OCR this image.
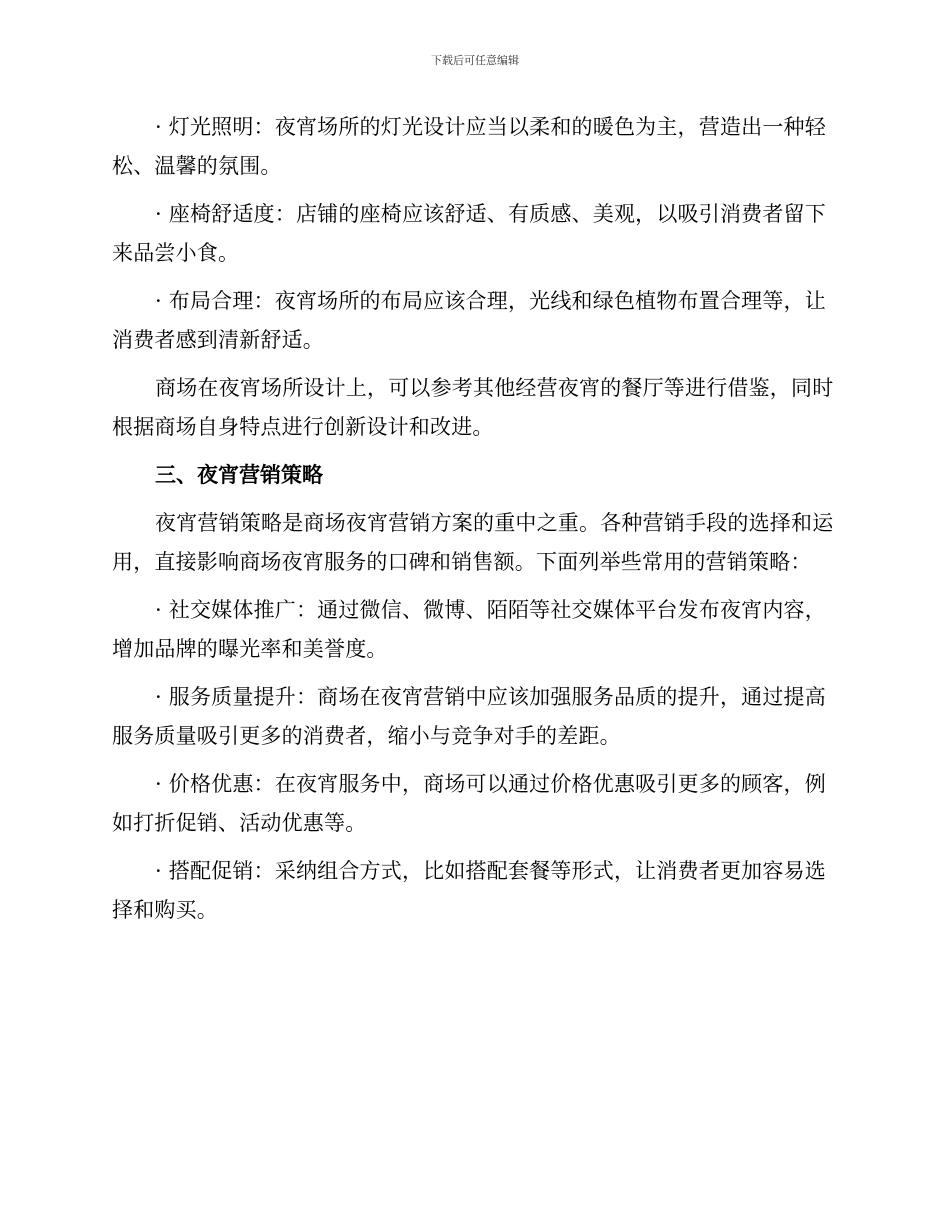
下载后可任意编辑

· 灯光照明：夜宵场所的灯光设计应当以柔和的暖色为主，营造出一种轻松、温馨的氛围。

· 座椅舒适度：店铺的座椅应该舒适、有质感、美观，以吸引消费者留下来品尝小食。

· 布局合理：夜宵场所的布局应该合理，光线和绿色植物布置合理等，让消费者感到清新舒适。

商场在夜宵场所设计上，可以参考其他经营夜宵的餐厅等进行借鉴，同时根据商场自身特点进行创新设计和改进。

三、夜宵营销策略

夜宵营销策略是商场夜宵营销方案的重中之重。各种营销手段的选择和运用，直接影响商场夜宵服务的口碑和销售额。下面列举些常用的营销策略：

· 社交媒体推广：通过微信、微博、陌陌等社交媒体平台发布夜宵内容，增加品牌的曝光率和美誉度。

· 服务质量提升：商场在夜宵营销中应该加强服务品质的提升，通过提高服务质量吸引更多的消费者，缩小与竞争对手的差距。

· 价格优惠：在夜宵服务中，商场可以通过价格优惠吸引更多的顾客，例如打折促销、活动优惠等。

· 搭配促销：采纳组合方式，比如搭配套餐等形式，让消费者更加容易选择和购买。
